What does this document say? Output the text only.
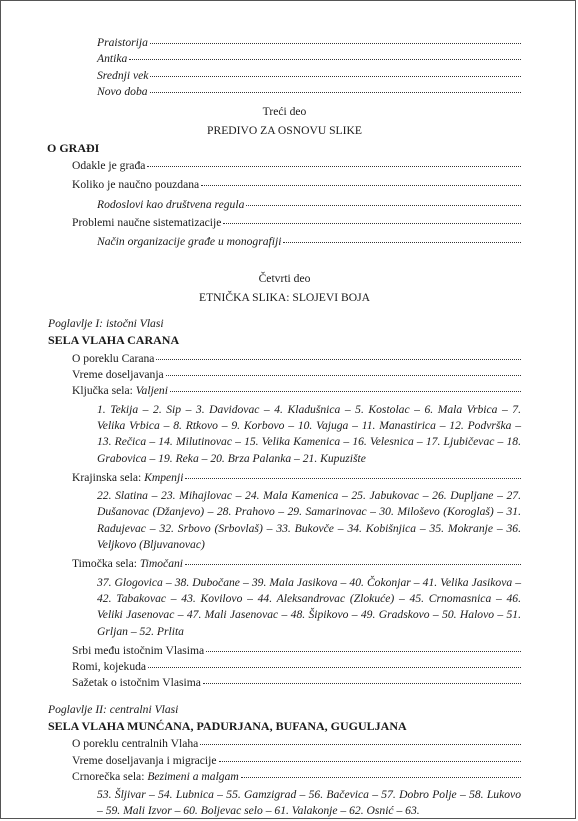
Praistorija
Antika
Srednji vek
Novo doba
Treći deo
PREDIVO ZA OSNOVU SLIKE
O GRAĐI
Odakle je građa
Koliko je naučno pouzdana
Rodoslovi kao društvena regula
Problemi naučne sistematizacije
Način organizacije građe u monografiji
Četvrti deo
ETNIČKA SLIKA: SLOJEVI BOJA
Poglavlje I: istočni Vlasi
SELA VLAHA CARANA
O poreklu Carana
Vreme doseljavanja
Ključka sela: Valjeni
1. Tekija – 2. Sip – 3. Davidovac – 4. Kladušnica – 5. Kostolac – 6. Mala Vrbica – 7. Velika Vrbica – 8. Rtkovo – 9. Korbovo – 10. Vajuga – 11. Manastirica – 12. Podvrška – 13. Rečica – 14. Milutinovac – 15. Velika Kamenica – 16. Velesnica – 17. Ljubičevac – 18. Grabovica – 19. Reka – 20. Brza Palanka – 21. Kupuzište
Krajinska sela: Kmpenji
22. Slatina – 23. Mihajlovac – 24. Mala Kamenica – 25. Jabukovac – 26. Dupljane – 27. Dušanovac (Džanjevo) – 28. Prahovo – 29. Samarinovac – 30. Miloševo (Koroglaš) – 31. Radujevac – 32. Srbovo (Srbovlaš) – 33. Bukovče – 34. Kobišnjica – 35. Mokranje – 36. Veljkovo (Bljuvanovac)
Timočka sela: Timočani
37. Glogovica – 38. Dubočane – 39. Mala Jasikova – 40. Čokonjar – 41. Velika Jasikova – 42. Tabakovac – 43. Kovilovo – 44. Aleksandrovac (Zlokuće) – 45. Crnomasnica – 46. Veliki Jasenovac – 47. Mali Jasenovac – 48. Šipikovo – 49. Gradskovo – 50. Halovo – 51. Grljan – 52. Prlita
Srbi među istočnim Vlasima
Romi, kojekuda
Sažetak o istočnim Vlasima
Poglavlje II: centralni Vlasi
SELA VLAHA MUNĆANA, PADURJANA, BUFANA, GUGULJANA
O poreklu centralnih Vlaha
Vreme doseljavanja i migracije
Crnorečka sela: Bezimeni a malgam
53. Šljivar – 54. Lubnica – 55. Gamzigrad – 56. Bačevica – 57. Dobro Polje – 58. Lukovo – 59. Mali Izvor – 60. Boljevac selo – 61. Valakonje – 62. Osnić – 63.
